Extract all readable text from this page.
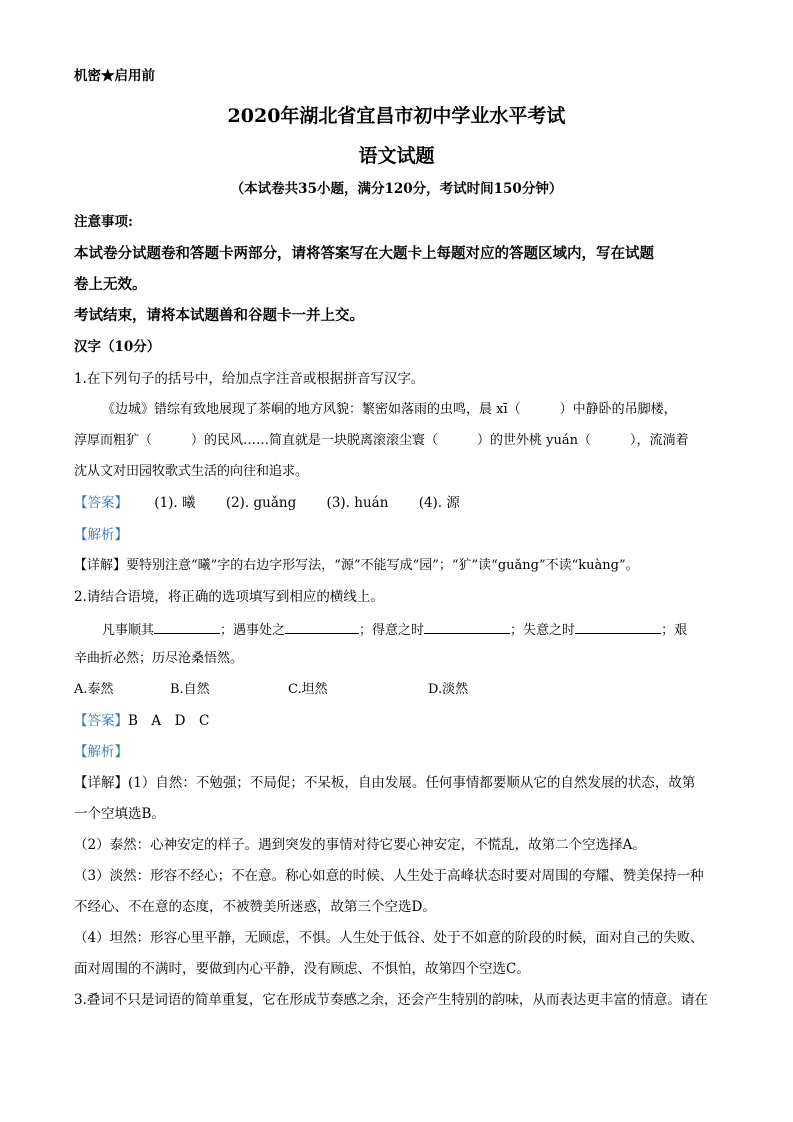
机密★启用前
2020年湖北省宜昌市初中学业水平考试
语文试题
（本试卷共35小题，满分120分，考试时间150分钟）
注意事项:
本试卷分试题卷和答题卡两部分，请将答案写在大题卡上每题对应的答题区域内，写在试题
卷上无效。
考试结束，请将本试题兽和谷题卡一并上交。
汉字（10分）
1.在下列句子的括号中，给加点字注音或根据拼音写汉字。
《边城》错综有致地展现了茶峒的地方风貌：繁密如落雨的虫鸣，晨 xī（　　　）中静卧的吊脚楼，
淳厚而粗犷（　　　）的民风……简直就是一块脱离滚滚尘寰（　　　）的世外桃 yuán（　　　），流淌着
沈从文对田园牧歌式生活的向往和追求。
【答案】 (1). 曦 (2). guǎng (3). huán (4). 源
【解析】
【详解】要特别注意“曦”字的右边字形写法，“源”不能写成“园”；“犷”读“guǎng”不读“kuàng”。
2.请结合语境，将正确的选项填写到相应的横线上。
凡事顺其	；遇事处之	；得意之时	；失意之时	；艰
辛曲折必然；历尽沧桑悟然。
A.泰然	B.自然	C.坦然	D.淡然
【答案】B　A　D　C
【解析】
【详解】(1）自然：不勉强；不局促；不呆板，自由发展。任何事情都要顺从它的自然发展的状态，故第
一个空填选B。
（2）泰然：心神安定的样子。遇到突发的事情对待它要心神安定，不慌乱，故第二个空选择A。
（3）淡然：形容不经心；不在意。称心如意的时候、人生处于高峰状态时要对周围的夸耀、赞美保持一种
不经心、不在意的态度，不被赞美所迷惑，故第三个空选D。
（4）坦然：形容心里平静，无顾虑，不惧。人生处于低谷、处于不如意的阶段的时候，面对自己的失败、
面对周围的不满时，要做到内心平静，没有顾虑、不惧怕，故第四个空选C。
3.叠词不只是词语的简单重复，它在形成节奏感之余，还会产生特别的韵味，从而表达更丰富的情意。请在
